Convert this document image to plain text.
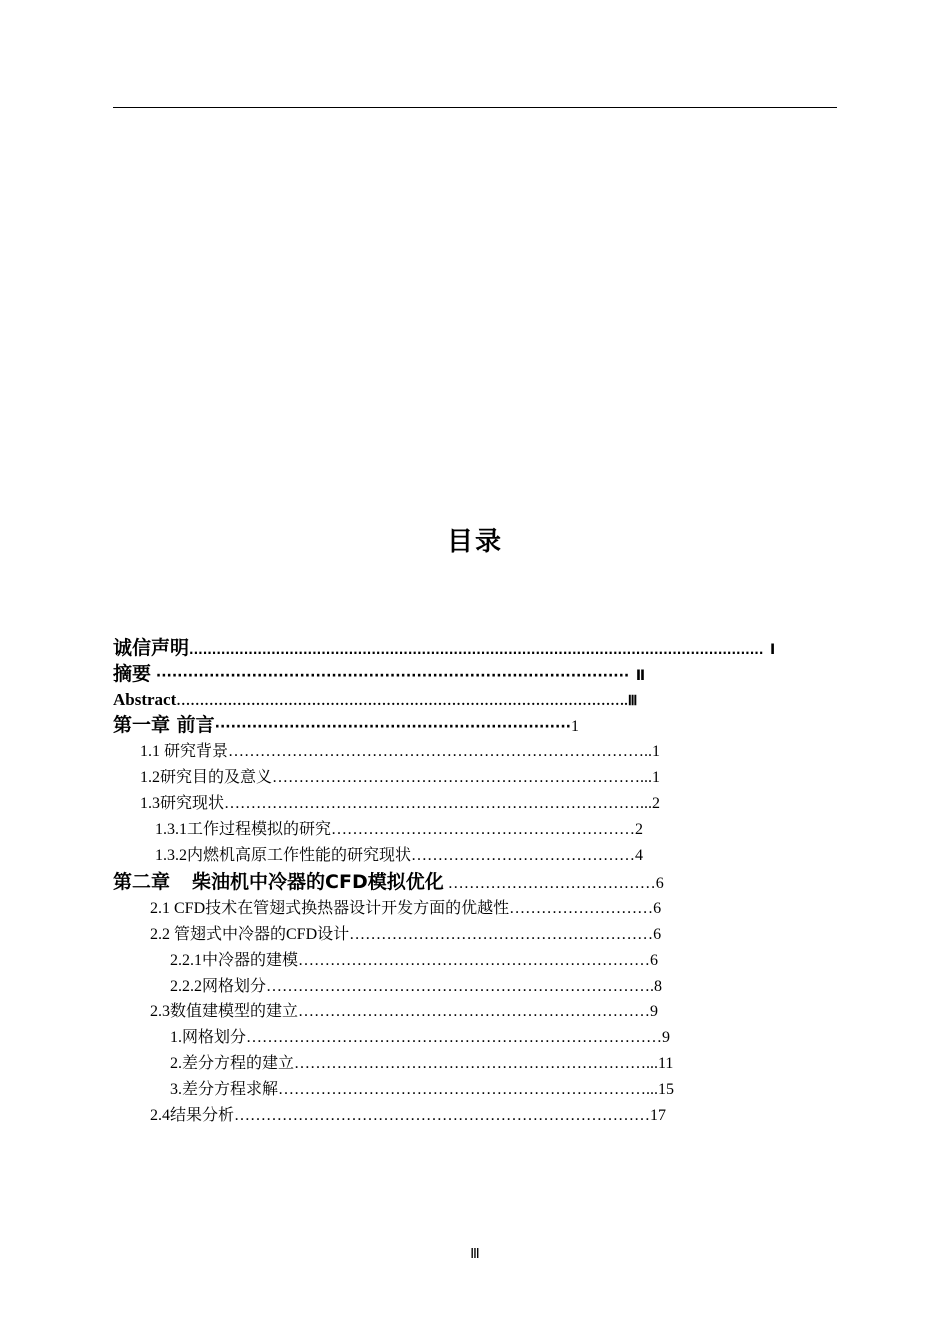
目录
诚信声明.............................................................................................................................. Ⅰ
摘要 ························································································· Ⅱ
Abstract…………………………………………………………………………………….Ⅲ
第一章 前言···································································1
1.1 研究背景……………………………………………………………………..1
1.2研究目的及意义……………………………………………………………...1
1.3研究现状……………………………………………………………………...2
1.3.1工作过程模拟的研究…………………………………………………2
1.3.2内燃机高原工作性能的研究现状……………………………………4
第二章 柴油机中冷器的CFD模拟优化 …………………………………6
2.1 CFD技术在管翅式换热器设计开发方面的优越性………………………6
2.2 管翅式中冷器的CFD设计…………………………………………………6
2.2.1中冷器的建模…………………………………………………………6
2.2.2网格划分……………………………………………………………….8
2.3数值建模型的建立…………………………………………………………9
1.网格划分……………………………………………………………………9
2.差分方程的建立…………………………………………………………...11
3.差分方程求解……………………………………………………………...15
2.4结果分析……………………………………………………………………17
Ⅲ
